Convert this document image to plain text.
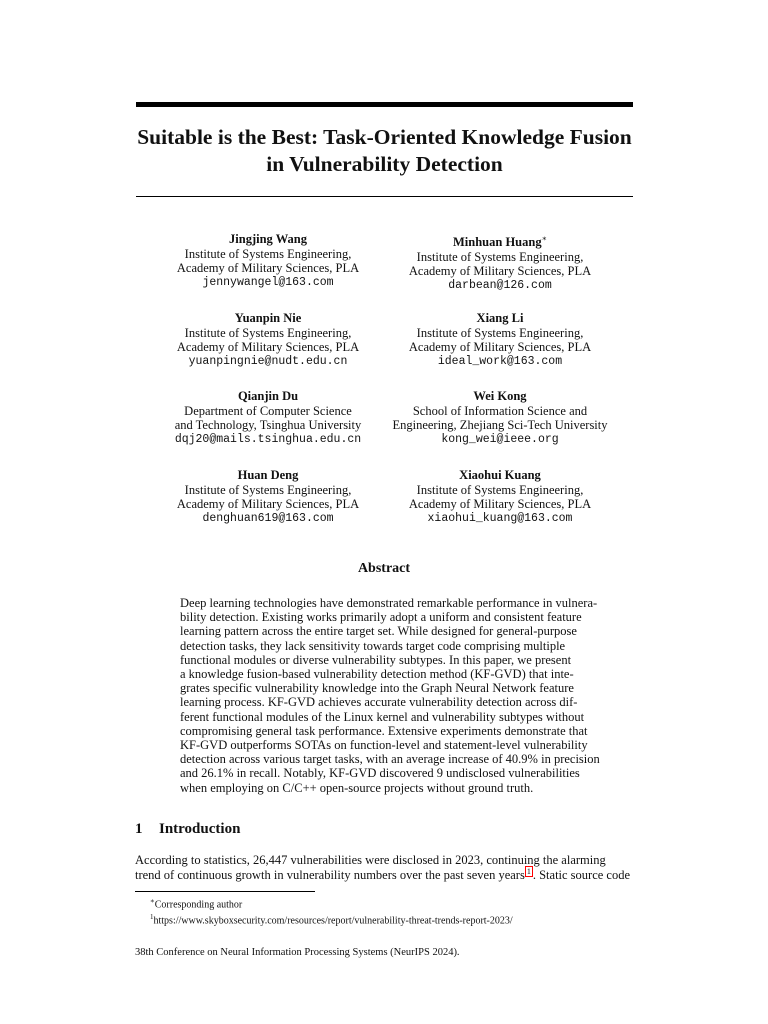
Suitable is the Best: Task-Oriented Knowledge Fusion
in Vulnerability Detection
Jingjing Wang
Institute of Systems Engineering,
Academy of Military Sciences, PLA
jennywangel@163.com
Minhuan Huang∗
Institute of Systems Engineering,
Academy of Military Sciences, PLA
darbean@126.com
Yuanpin Nie
Institute of Systems Engineering,
Academy of Military Sciences, PLA
yuanpingnie@nudt.edu.cn
Xiang Li
Institute of Systems Engineering,
Academy of Military Sciences, PLA
ideal_work@163.com
Qianjin Du
Department of Computer Science
and Technology, Tsinghua University
dqj20@mails.tsinghua.edu.cn
Wei Kong
School of Information Science and
Engineering, Zhejiang Sci-Tech University
kong_wei@ieee.org
Huan Deng
Institute of Systems Engineering,
Academy of Military Sciences, PLA
denghuan619@163.com
Xiaohui Kuang
Institute of Systems Engineering,
Academy of Military Sciences, PLA
xiaohui_kuang@163.com
Abstract
Deep learning technologies have demonstrated remarkable performance in vulnera-
bility detection. Existing works primarily adopt a uniform and consistent feature
learning pattern across the entire target set. While designed for general-purpose
detection tasks, they lack sensitivity towards target code comprising multiple
functional modules or diverse vulnerability subtypes. In this paper, we present
a knowledge fusion-based vulnerability detection method (KF-GVD) that inte-
grates specific vulnerability knowledge into the Graph Neural Network feature
learning process. KF-GVD achieves accurate vulnerability detection across dif-
ferent functional modules of the Linux kernel and vulnerability subtypes without
compromising general task performance. Extensive experiments demonstrate that
KF-GVD outperforms SOTAs on function-level and statement-level vulnerability
detection across various target tasks, with an average increase of 40.9% in precision
and 26.1% in recall. Notably, KF-GVD discovered 9 undisclosed vulnerabilities
when employing on C/C++ open-source projects without ground truth.
1 Introduction
According to statistics, 26,447 vulnerabilities were disclosed in 2023, continuing the alarming
trend of continuous growth in vulnerability numbers over the past seven years $^1$ . Static source code
∗Corresponding author
$^1$https://www.skyboxsecurity.com/resources/report/vulnerability-threat-trends-report-2023/
38th Conference on Neural Information Processing Systems (NeurIPS 2024).
